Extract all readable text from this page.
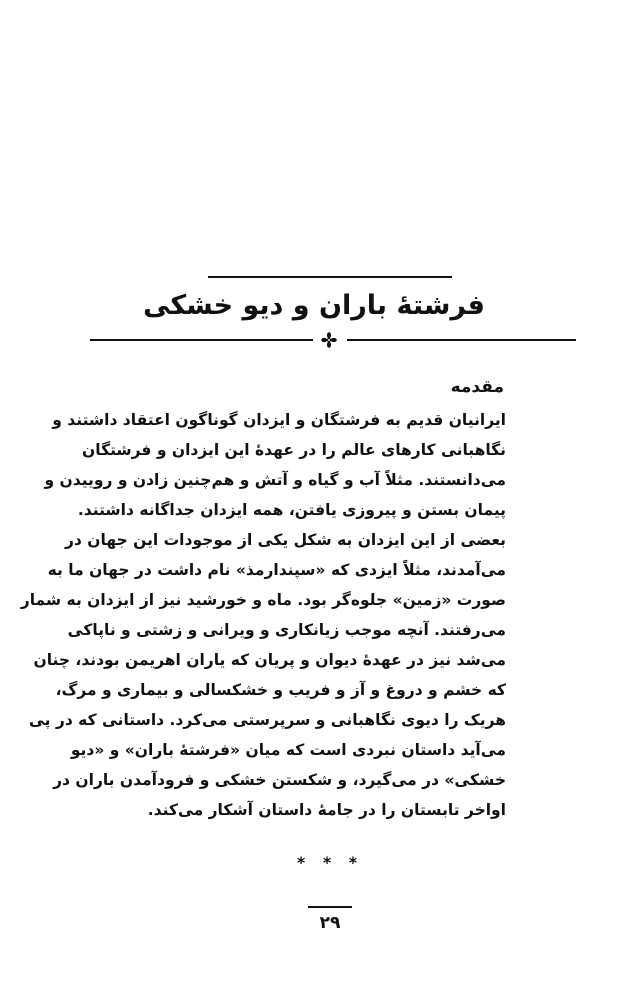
فرشتهٔ باران و دیو خشکی
مقدمه
ایرانیان قدیم به فرشتگان و ایزدان گوناگون اعتقاد داشتند و
نگاهبانی کارهای عالم را در عهدهٔ این ایزدان و فرشتگان
می‌دانستند. مثلاً آب و گیاه و آتش و هم‌چنین زادن و روییدن و
پیمان بستن و پیروزی یافتن، همه ایزدان جداگانه داشتند.
بعضی از این ایزدان به شکل یکی از موجودات این جهان در
می‌آمدند، مثلاً ایزدی که «سپندارمذ» نام داشت در جهان ما به
صورت «زمین» جلوه‌گر بود. ماه و خورشید نیز از ایزدان به شمار
می‌رفتند. آنچه موجب زیانکاری و ویرانی و زشتی و ناپاکی
می‌شد نیز در عهدهٔ دیوان و پریان که یاران اهریمن بودند، چنان
که خشم و دروغ و آز و فریب و خشکسالی و بیماری و مرگ،
هریک را دیوی نگاهبانی و سرپرستی می‌کرد. داستانی که در پی
می‌آید داستان نبردی است که میان «فرشتهٔ باران» و «دیو
خشکی» در می‌گیرد، و شکستن خشکی و فرودآمدن باران در
اواخر تابستان را در جامهٔ داستان آشکار می‌کند.
* * *
۲۹
